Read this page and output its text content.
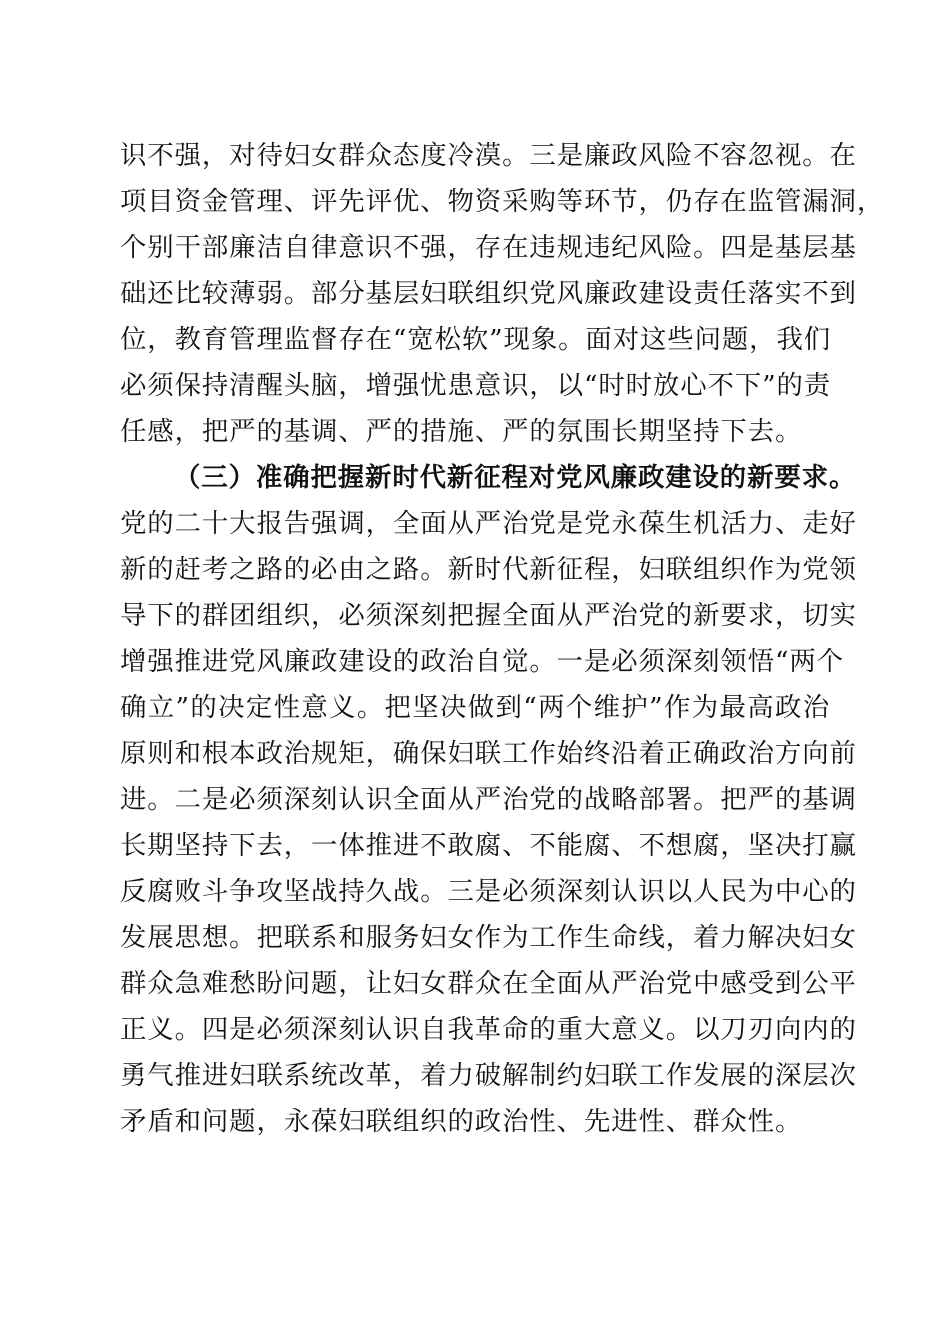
识不强，对待妇女群众态度冷漠。三是廉政风险不容忽视。在
项目资金管理、评先评优、物资采购等环节，仍存在监管漏洞，
个别干部廉洁自律意识不强，存在违规违纪风险。四是基层基
础还比较薄弱。部分基层妇联组织党风廉政建设责任落实不到
位，教育管理监督存在“宽松软”现象。面对这些问题，我们
必须保持清醒头脑，增强忧患意识，以“时时放心不下”的责
任感，把严的基调、严的措施、严的氛围长期坚持下去。
（三）准确把握新时代新征程对党风廉政建设的新要求。
党的二十大报告强调，全面从严治党是党永葆生机活力、走好
新的赶考之路的必由之路。新时代新征程，妇联组织作为党领
导下的群团组织，必须深刻把握全面从严治党的新要求，切实
增强推进党风廉政建设的政治自觉。一是必须深刻领悟“两个
确立”的决定性意义。把坚决做到“两个维护”作为最高政治
原则和根本政治规矩，确保妇联工作始终沿着正确政治方向前
进。二是必须深刻认识全面从严治党的战略部署。把严的基调
长期坚持下去，一体推进不敢腐、不能腐、不想腐，坚决打赢
反腐败斗争攻坚战持久战。三是必须深刻认识以人民为中心的
发展思想。把联系和服务妇女作为工作生命线，着力解决妇女
群众急难愁盼问题，让妇女群众在全面从严治党中感受到公平
正义。四是必须深刻认识自我革命的重大意义。以刀刃向内的
勇气推进妇联系统改革，着力破解制约妇联工作发展的深层次
矛盾和问题，永葆妇联组织的政治性、先进性、群众性。
